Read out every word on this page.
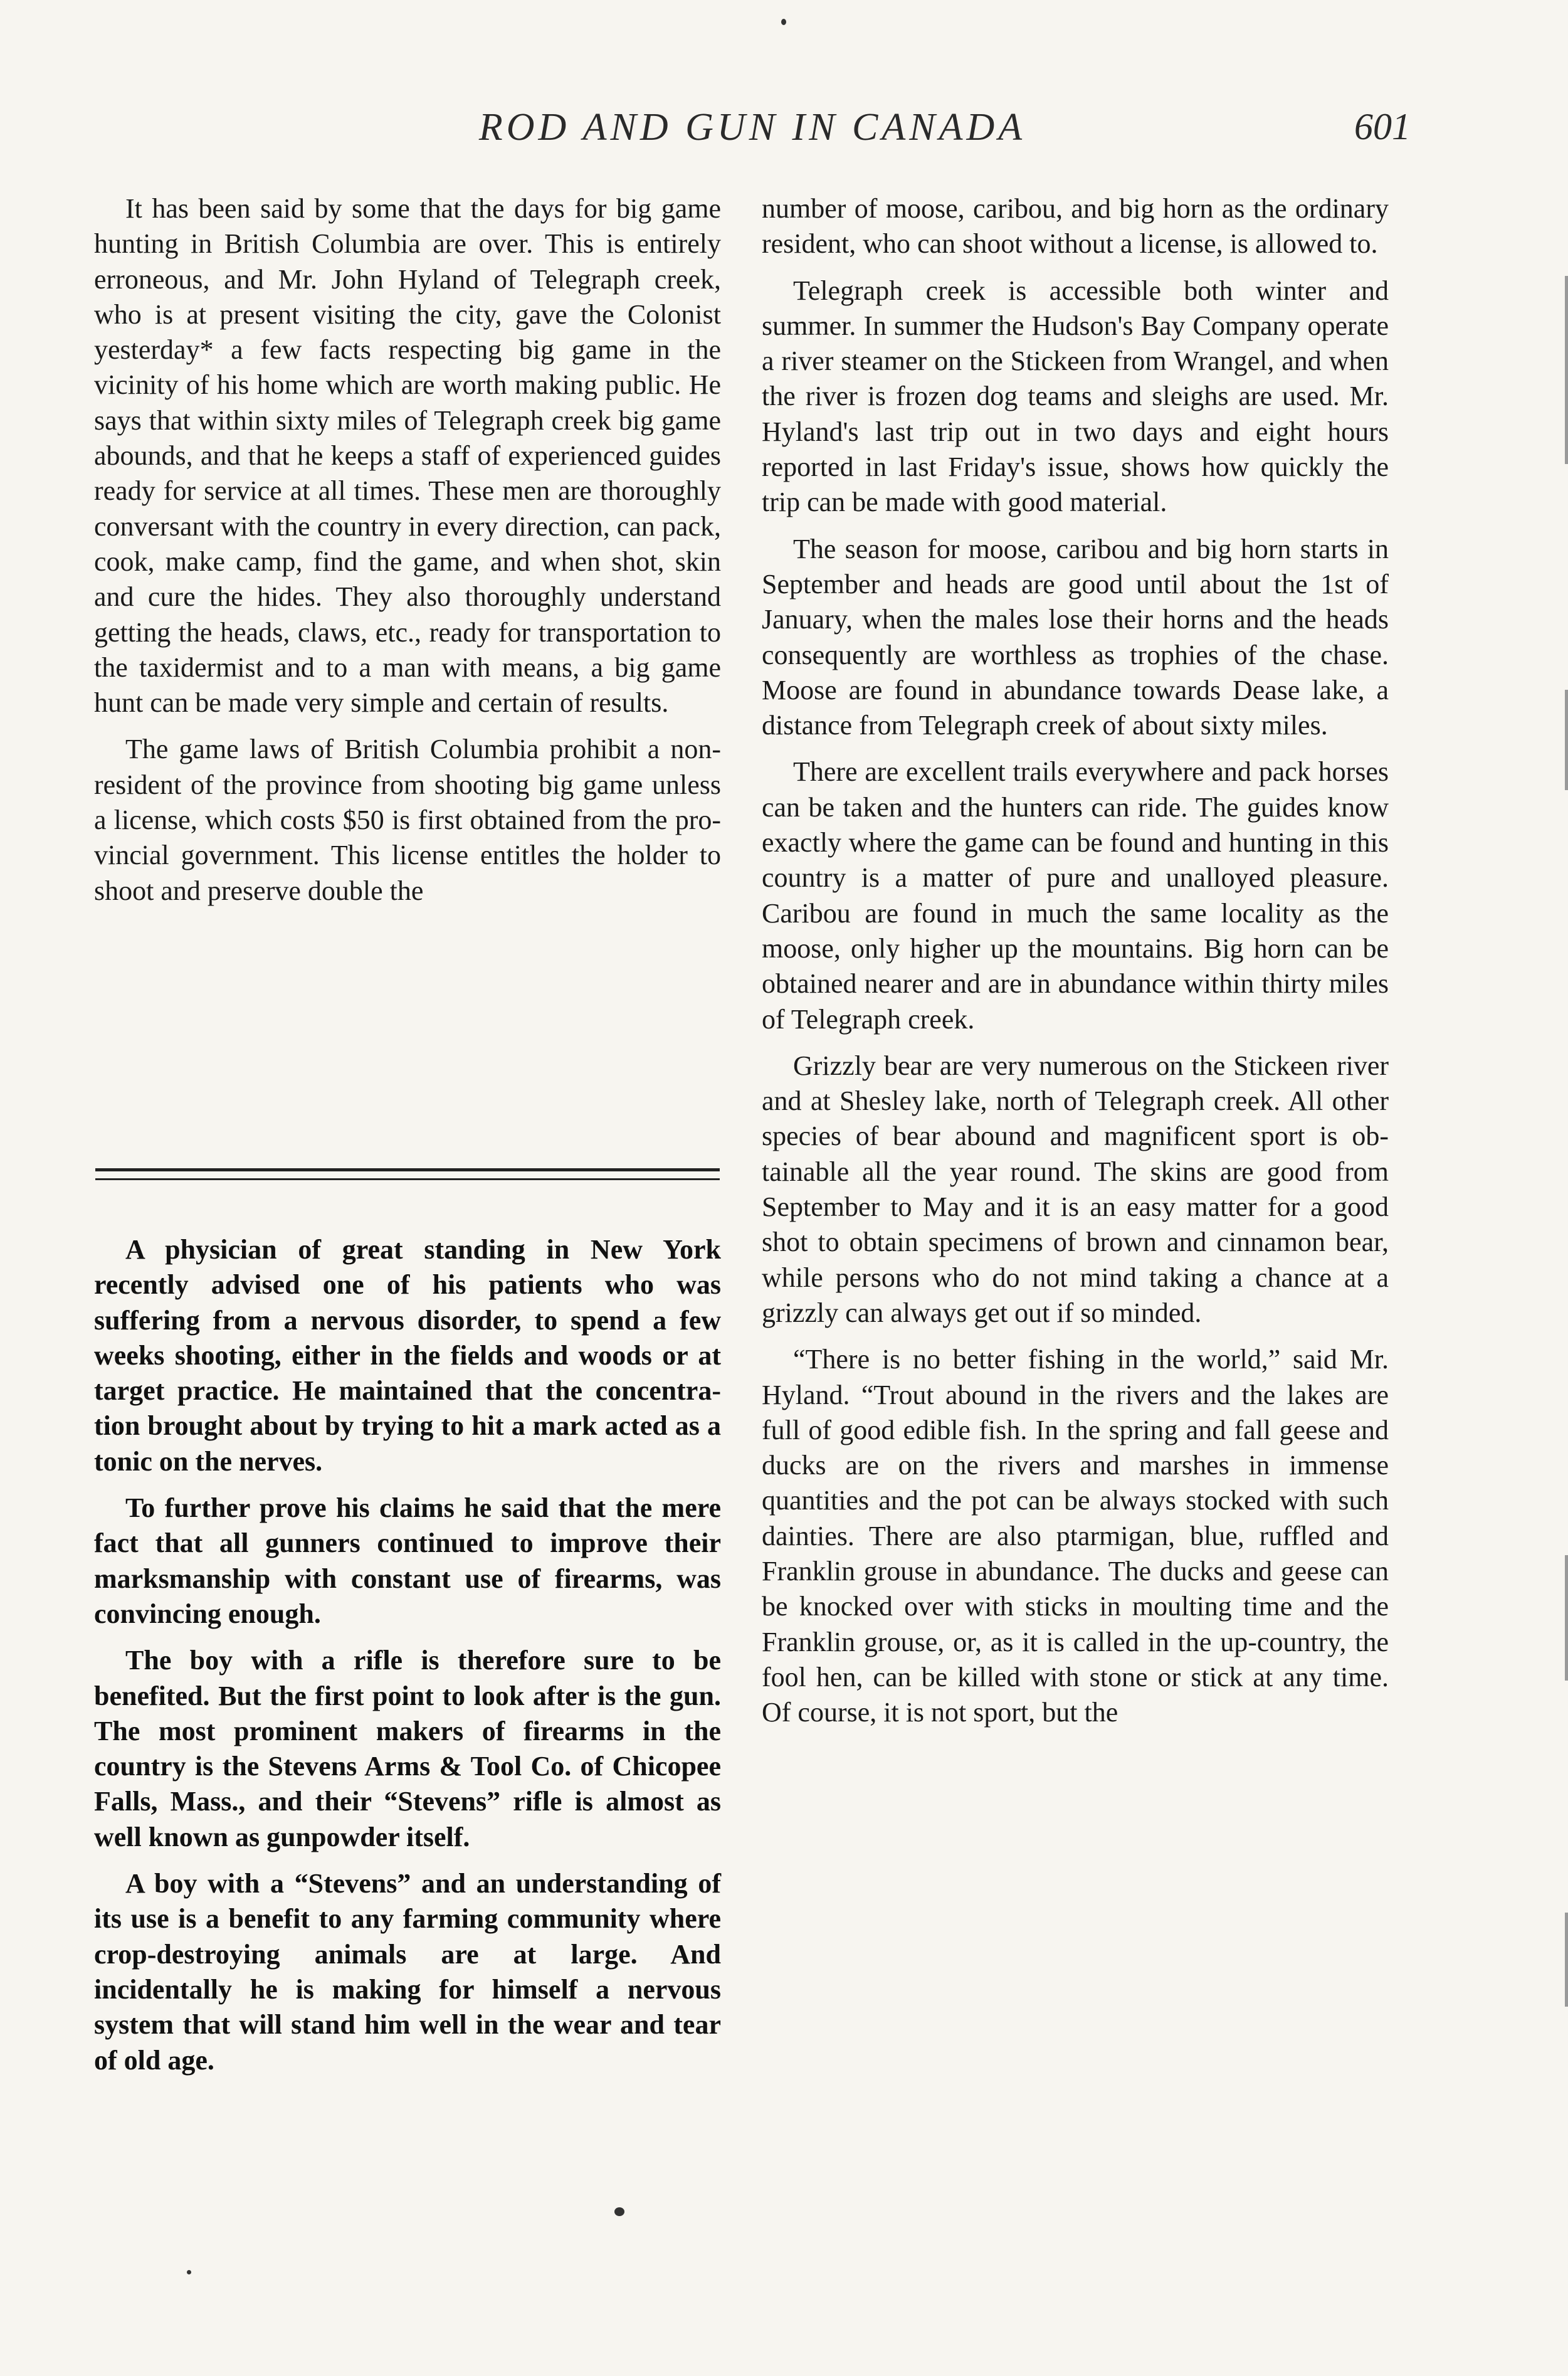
ROD AND GUN IN CANADA	601

It has been said by some that the days for big game hunting in British Columbia are over. This is entirely erroneous, and Mr. John Hyland of Telegraph creek, who is at present visiting the city, gave the Colonist yesterday* a few facts respecting big game in the vicinity of his home which are worth making public. He says that within sixty miles of Telegraph creek big game abounds, and that he keeps a staff of experienced guides ready for service at all times. These men are thoroughly conversant with the country in every direction, can pack, cook, make camp, find the game, and when shot, skin and cure the hides. They also thoroughly understand getting the heads, claws, etc., ready for transportation to the taxidermist and to a man with means, a big game hunt can be made very simple and certain of results.

The game laws of British Columbia prohibit a non-resident of the province from shooting big game unless a license, which costs $50 is first obtained from the provincial government. This license entitles the holder to shoot and preserve double the

A physician of great standing in New York recently advised one of his patients who was suffering from a nervous disorder, to spend a few weeks shooting, either in the fields and woods or at target practice. He maintained that the concentration brought about by trying to hit a mark acted as a tonic on the nerves.

To further prove his claims he said that the mere fact that all gunners continued to improve their marksmanship with constant use of firearms, was convincing enough.

The boy with a rifle is therefore sure to be benefited. But the first point to look after is the gun. The most prominent makers of firearms in the country is the Stevens Arms & Tool Co. of Chicopee Falls, Mass., and their “Stevens” rifle is almost as well known as gunpowder itself.

A boy with a “Stevens” and an understanding of its use is a benefit to any farming community where crop-destroying animals are at large. And incidentally he is making for himself a nervous system that will stand him well in the wear and tear of old age.

number of moose, caribou, and big horn as the ordinary resident, who can shoot without a license, is allowed to.

Telegraph creek is accessible both winter and summer. In summer the Hudson's Bay Company operate a river steamer on the Stickeen from Wrangel, and when the river is frozen dog teams and sleighs are used. Mr. Hyland's last trip out in two days and eight hours reported in last Friday's issue, shows how quickly the trip can be made with good material.

The season for moose, caribou and big horn starts in September and heads are good until about the 1st of January, when the males lose their horns and the heads consequently are worthless as trophies of the chase. Moose are found in abundance towards Dease lake, a distance from Telegraph creek of about sixty miles.

There are excellent trails everywhere and pack horses can be taken and the hunters can ride. The guides know exactly where the game can be found and hunting in this country is a matter of pure and unalloyed pleasure. Caribou are found in much the same locality as the moose, only higher up the mountains. Big horn can be obtained nearer and are in abundance within thirty miles of Telegraph creek.

Grizzly bear are very numerous on the Stickeen river and at Shesley lake, north of Telegraph creek. All other species of bear abound and magnificent sport is obtainable all the year round. The skins are good from September to May and it is an easy matter for a good shot to obtain specimens of brown and cinnamon bear, while persons who do not mind taking a chance at a grizzly can always get out if so minded.

“There is no better fishing in the world,” said Mr. Hyland. “Trout abound in the rivers and the lakes are full of good edible fish. In the spring and fall geese and ducks are on the rivers and marshes in immense quantities and the pot can be always stocked with such dainties. There are also ptarmigan, blue, ruffled and Franklin grouse in abundance. The ducks and geese can be knocked over with sticks in moulting time and the Franklin grouse, or, as it is called in the up-country, the fool hen, can be killed with stone or stick at any time. Of course, it is not sport, but the
